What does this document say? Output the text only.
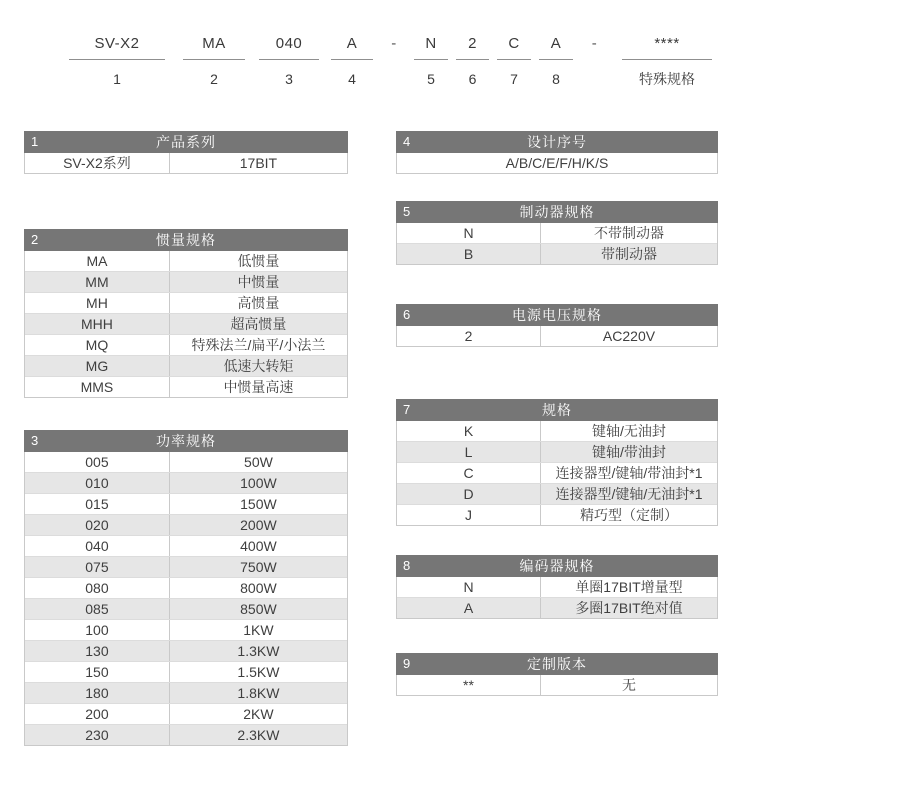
SV-X2
1
MA
2
040
3
A
4
- N
5
2
6
C
7
A
8
-	****
特殊规格
1	产品系列
SV-X2系列	17BIT
2	惯量规格
MA	低惯量
MM	中惯量
MH	高惯量
MHH	超高惯量
MQ	特殊法兰/扁平/小法兰
MG	低速大转矩
MMS	中惯量高速
3	功率规格
005	50W
010	100W
015	150W
020	200W
040	400W
075	750W
080	800W
085	850W
100	1KW
130	1.3KW
150	1.5KW
180	1.8KW
200	2KW
230	2.3KW
4	设计序号
A/B/C/E/F/H/K/S
5	制动器规格
N	不带制动器
B	带制动器
6	电源电压规格
2	AC220V
7	规格
K	键轴/无油封
L	键轴/带油封
C	连接器型/键轴/带油封*1
D	连接器型/键轴/无油封*1
J	精巧型（定制）
8	编码器规格
N	单圈17BIT增量型
A	多圈17BIT绝对值
9	定制版本
**	无
